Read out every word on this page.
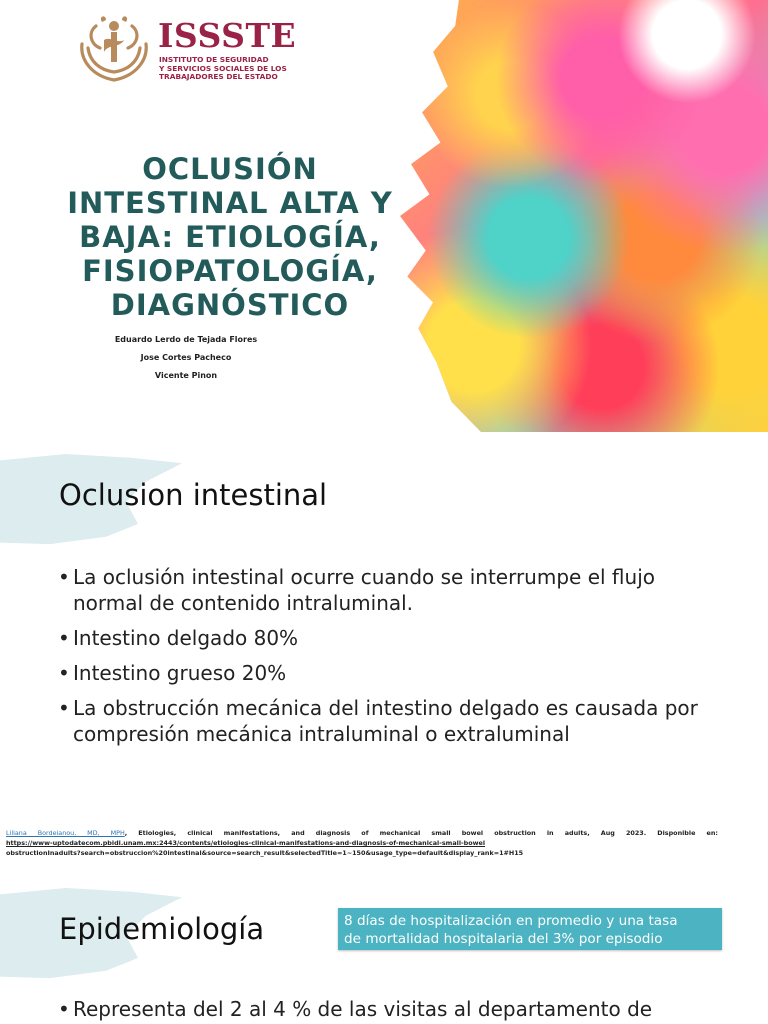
ISSSTE
INSTITUTO DE SEGURIDAD
Y SERVICIOS SOCIALES DE LOS
TRABAJADORES DEL ESTADO
OCLUSIÓN INTESTINAL ALTA Y BAJA: ETIOLOGÍA, FISIOPATOLOGÍA, DIAGNÓSTICO
Eduardo Lerdo de Tejada Flores
Jose Cortes Pacheco
Vicente Pinon
Oclusion intestinal
• La oclusión intestinal ocurre cuando se interrumpe el flujo normal de contenido intraluminal.
• Intestino delgado 80%
• Intestino grueso 20%
• La obstrucción mecánica del intestino delgado es causada por compresión mecánica intraluminal o extraluminal
Liliana Bordeianou, MD, MPH, Etiologies, clinical manifestations, and diagnosis of mechanical small bowel obstruction in adults, Aug 2023. Disponible en:
https://www-uptodatecom.pbidi.unam.mx:2443/contents/etiologies-clinical-manifestations-and-diagnosis-of-mechanical-small-bowel
obstructionInadults?search=obstruccion%20intestinal&source=search_result&selectedTitle=1~150&usage_type=default&display_rank=1#H15
Epidemiología	8 días de hospitalización en promedio y una tasa
de mortalidad hospitalaria del 3% por episodio
• Representa del 2 al 4 % de las visitas al departamento de
